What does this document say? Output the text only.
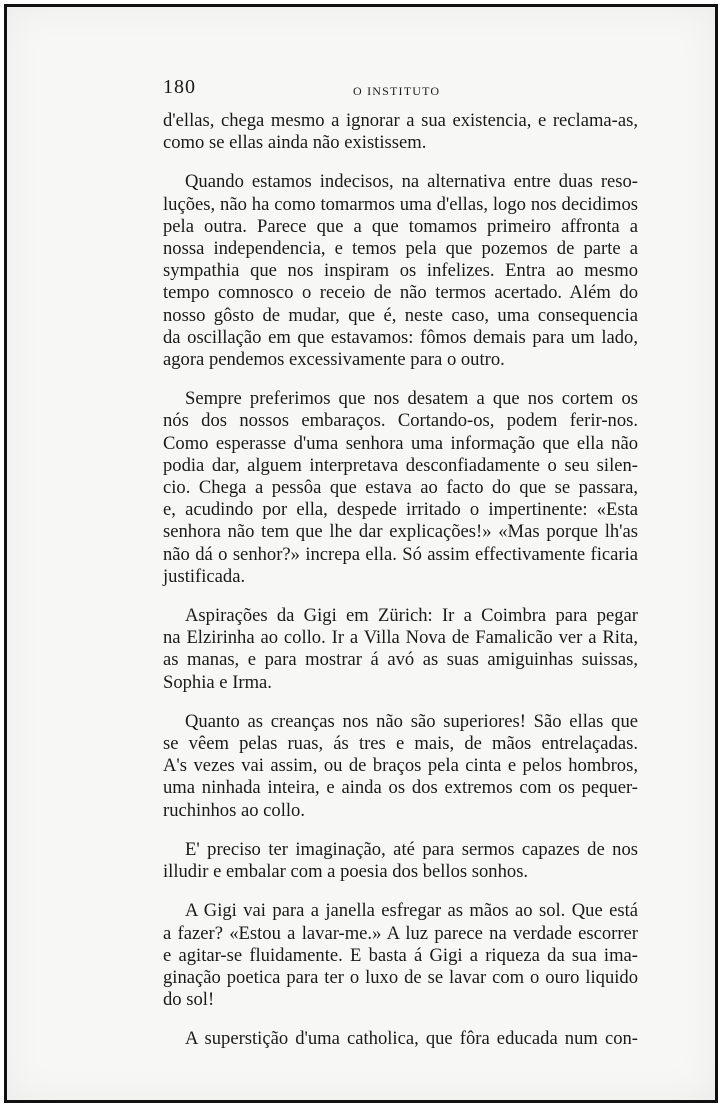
180	O INSTITUTO
d'ellas, chega mesmo a ignorar a sua existencia, e reclama-as,
como se ellas ainda não existissem.
Quando estamos indecisos, na alternativa entre duas reso-
luções, não ha como tomarmos uma d'ellas, logo nos decidimos
pela outra. Parece que a que tomamos primeiro affronta a
nossa independencia, e temos pela que pozemos de parte a
sympathia que nos inspiram os infelizes. Entra ao mesmo
tempo comnosco o receio de não termos acertado. Além do
nosso gôsto de mudar, que é, neste caso, uma consequencia
da oscillação em que estavamos: fômos demais para um lado,
agora pendemos excessivamente para o outro.
Sempre preferimos que nos desatem a que nos cortem os
nós dos nossos embaraços. Cortando-os, podem ferir-nos.
Como esperasse d'uma senhora uma informação que ella não
podia dar, alguem interpretava desconfiadamente o seu silen-
cio. Chega a pessôa que estava ao facto do que se passara,
e, acudindo por ella, despede irritado o impertinente: «Esta
senhora não tem que lhe dar explicações!» «Mas porque lh'as
não dá o senhor?» increpa ella. Só assim effectivamente ficaria
justificada.
Aspirações da Gigi em Zürich: Ir a Coimbra para pegar
na Elzirinha ao collo. Ir a Villa Nova de Famalicão ver a Rita,
as manas, e para mostrar á avó as suas amiguinhas suissas,
Sophia e Irma.
Quanto as creanças nos não são superiores! São ellas que
se vêem pelas ruas, ás tres e mais, de mãos entrelaçadas.
A's vezes vai assim, ou de braços pela cinta e pelos hombros,
uma ninhada inteira, e ainda os dos extremos com os pequer-
ruchinhos ao collo.
E' preciso ter imaginação, até para sermos capazes de nos
illudir e embalar com a poesia dos bellos sonhos.
A Gigi vai para a janella esfregar as mãos ao sol. Que está
a fazer? «Estou a lavar-me.» A luz parece na verdade escorrer
e agitar-se fluidamente. E basta á Gigi a riqueza da sua ima-
ginação poetica para ter o luxo de se lavar com o ouro liquido
do sol!
A superstição d'uma catholica, que fôra educada num con-
